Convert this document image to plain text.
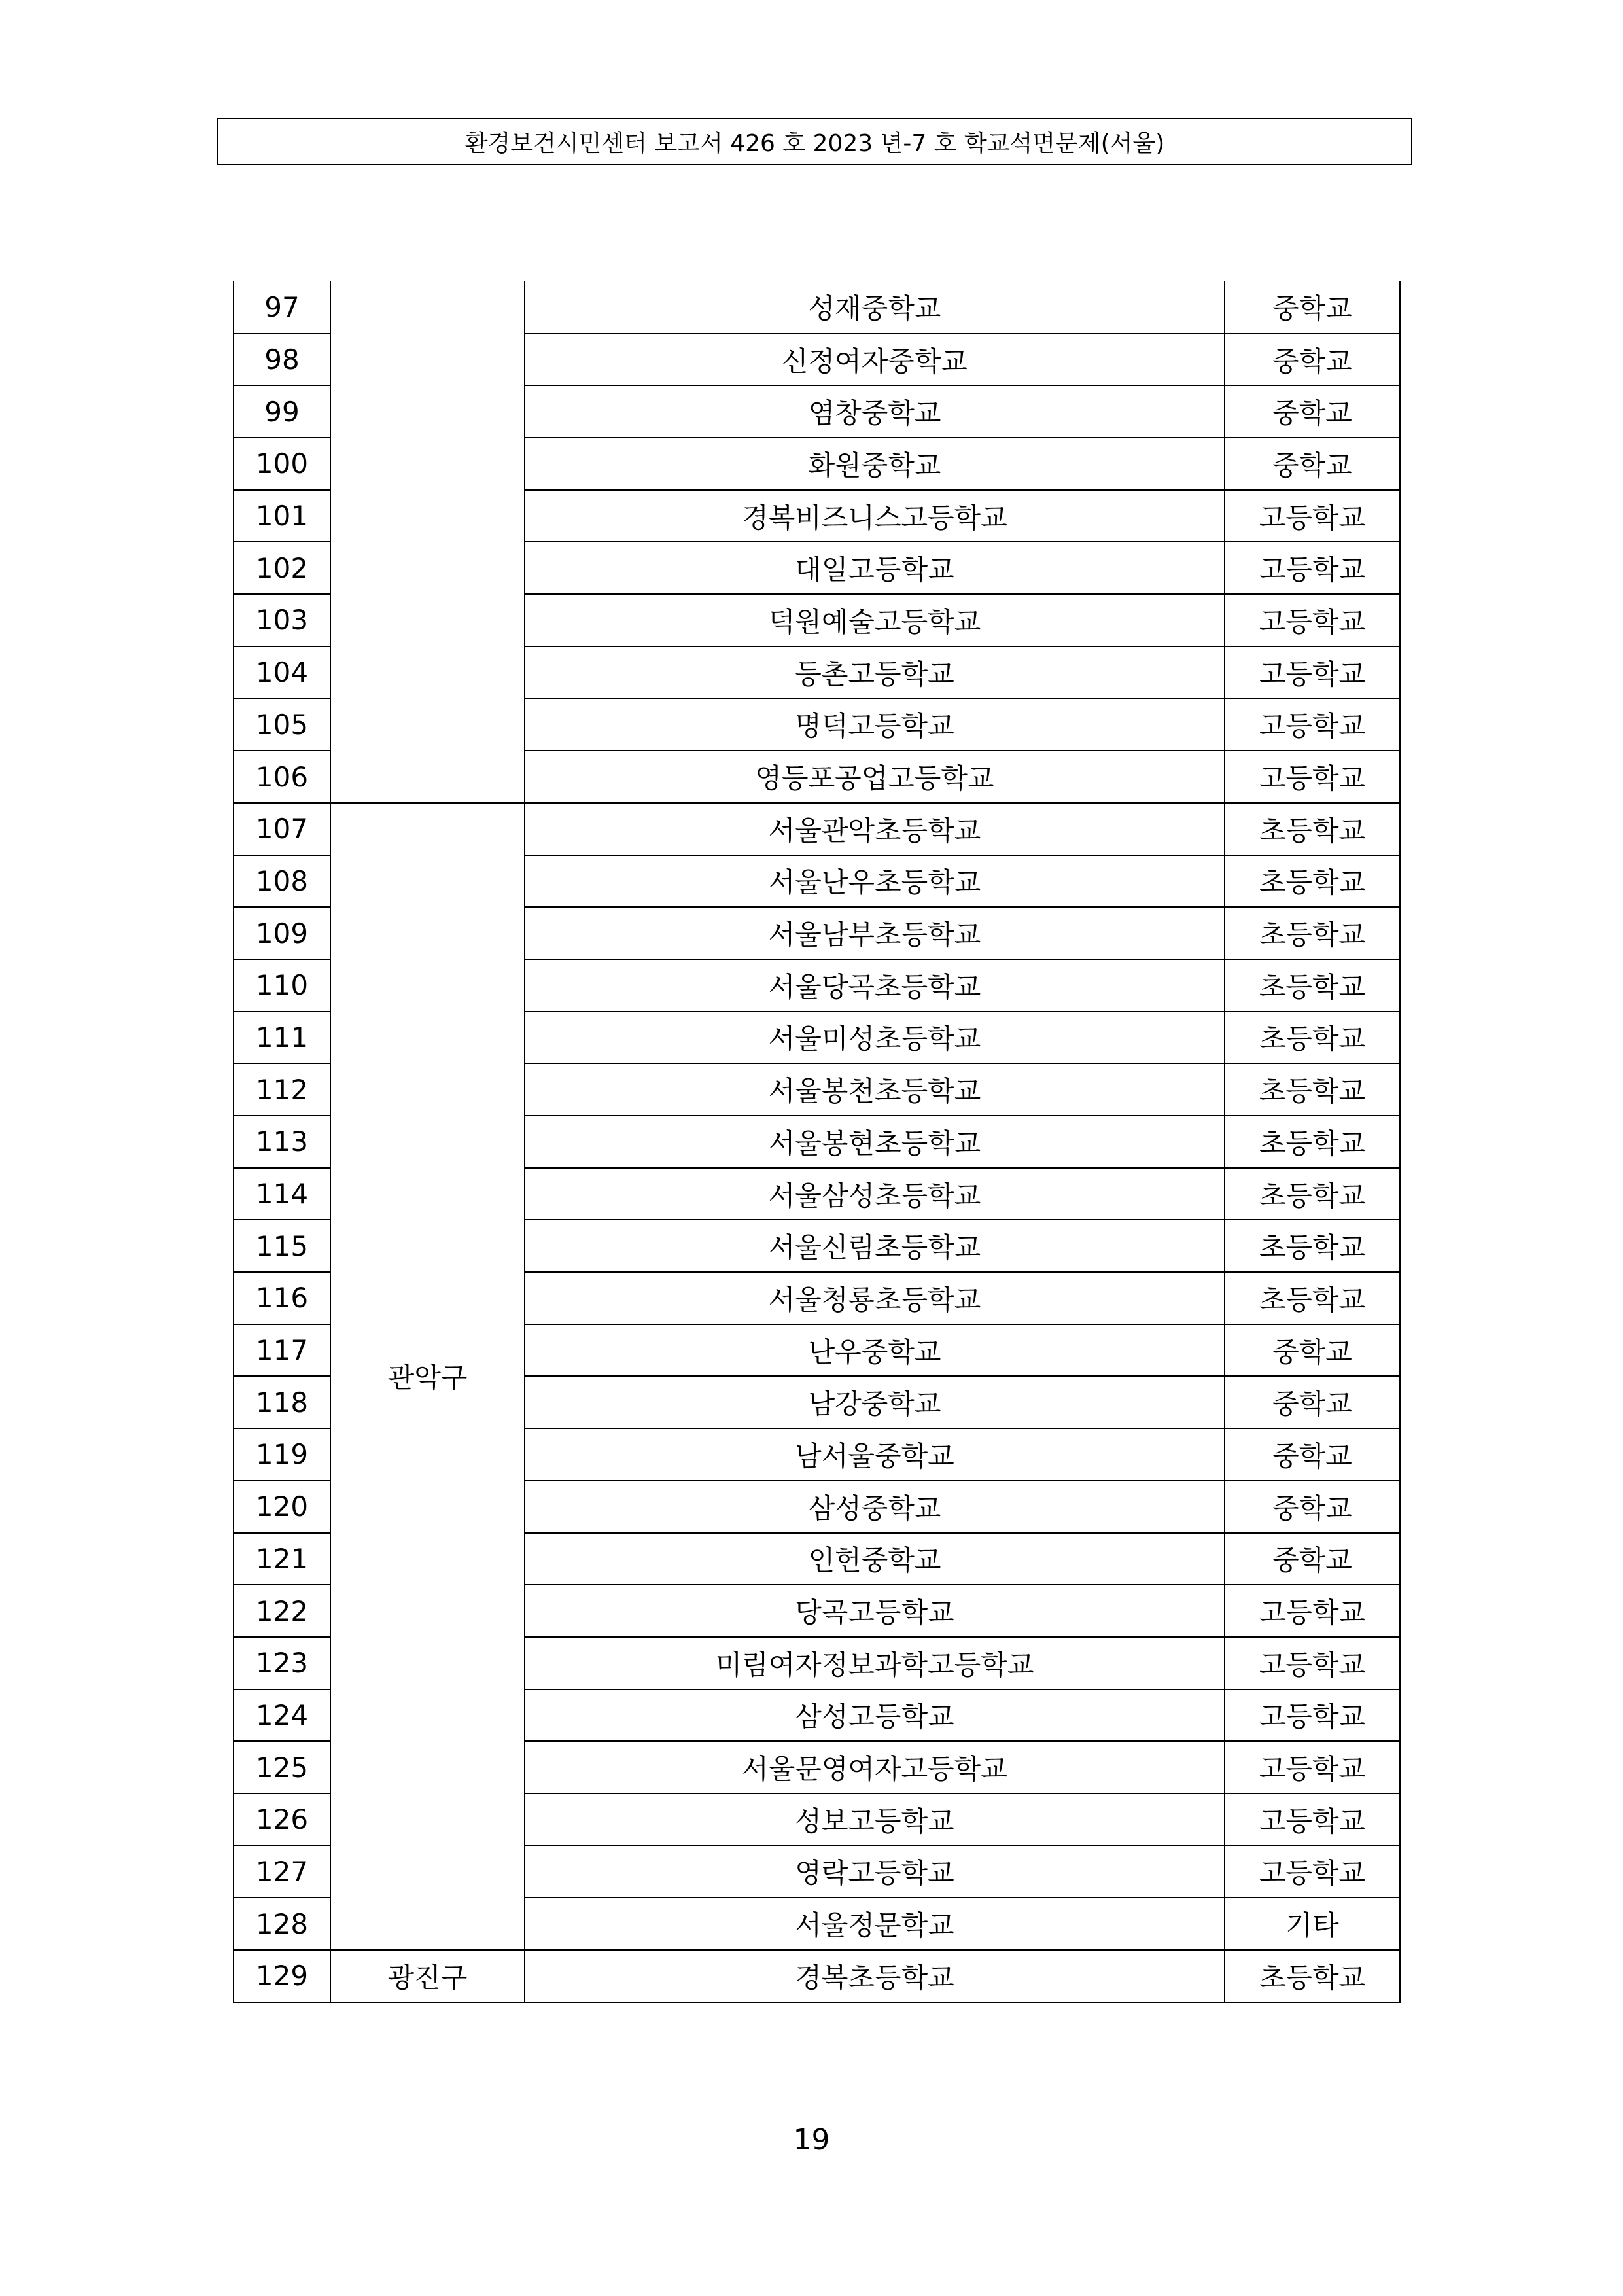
환경보건시민센터 보고서 426 호 2023 년-7 호 학교석면문제(서울)
97		성재중학교	중학교
98		신정여자중학교	중학교
99		염창중학교	중학교
100		화원중학교	중학교
101		경복비즈니스고등학교	고등학교
102		대일고등학교	고등학교
103		덕원예술고등학교	고등학교
104		등촌고등학교	고등학교
105		명덕고등학교	고등학교
106		영등포공업고등학교	고등학교
107	관악구	서울관악초등학교	초등학교
108		서울난우초등학교	초등학교
109		서울남부초등학교	초등학교
110		서울당곡초등학교	초등학교
111		서울미성초등학교	초등학교
112		서울봉천초등학교	초등학교
113		서울봉현초등학교	초등학교
114		서울삼성초등학교	초등학교
115		서울신림초등학교	초등학교
116		서울청룡초등학교	초등학교
117		난우중학교	중학교
118		남강중학교	중학교
119		남서울중학교	중학교
120		삼성중학교	중학교
121		인헌중학교	중학교
122		당곡고등학교	고등학교
123		미림여자정보과학고등학교	고등학교
124		삼성고등학교	고등학교
125		서울문영여자고등학교	고등학교
126		성보고등학교	고등학교
127		영락고등학교	고등학교
128		서울정문학교	기타
129	광진구	경복초등학교	초등학교
19
